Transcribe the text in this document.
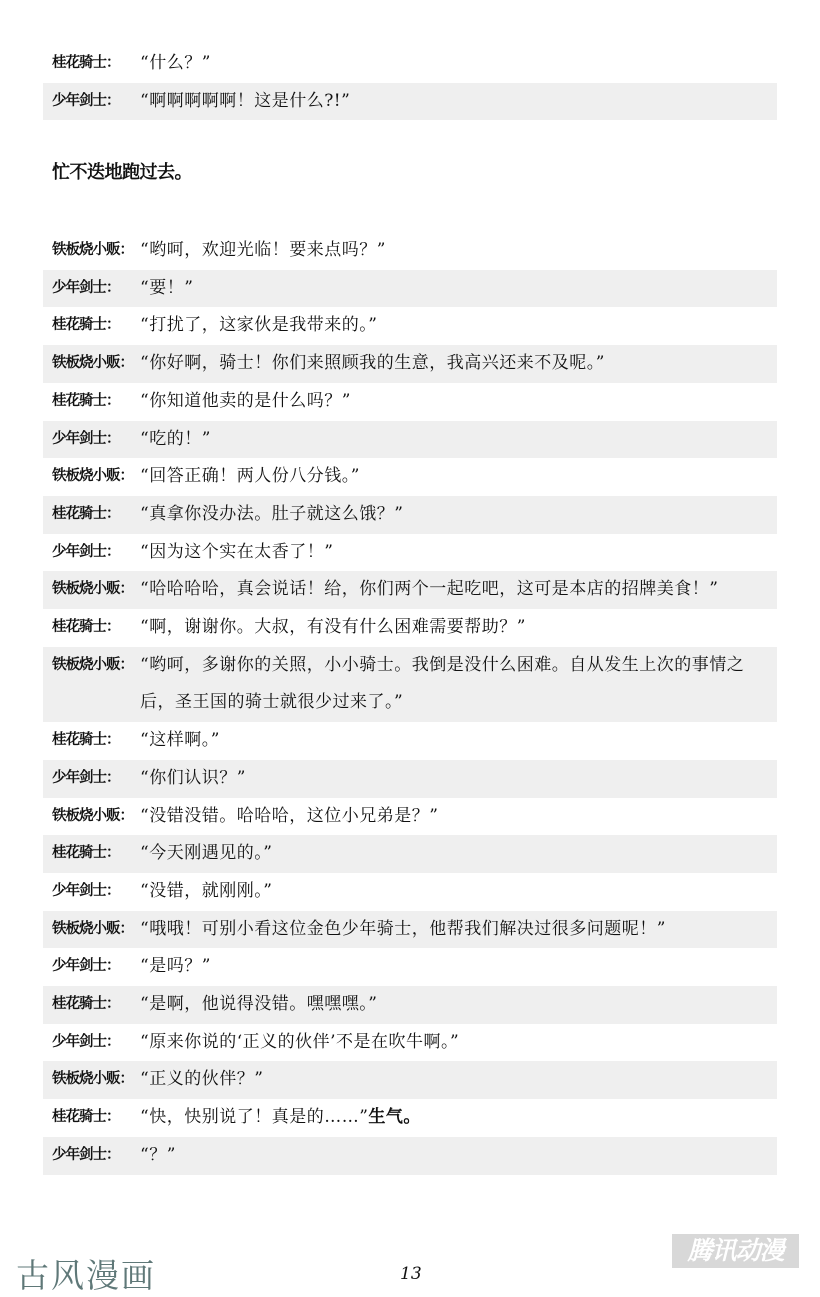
桂花骑士：	“什么？”
少年剑士：	“啊啊啊啊啊！这是什么?!”
忙不迭地跑过去。
铁板烧小贩： “哟呵，欢迎光临！要来点吗？”
少年剑士：	“要！”
桂花骑士：	“打扰了，这家伙是我带来的。”
铁板烧小贩： “你好啊，骑士！你们来照顾我的生意，我高兴还来不及呢。”
桂花骑士：	“你知道他卖的是什么吗？”
少年剑士：	“吃的！”
铁板烧小贩： “回答正确！两人份八分钱。”
桂花骑士：	“真拿你没办法。肚子就这么饿？”
少年剑士：	“因为这个实在太香了！”
铁板烧小贩： “哈哈哈哈，真会说话！给，你们两个一起吃吧，这可是本店的招牌美食！”
桂花骑士：	“啊，谢谢你。大叔，有没有什么困难需要帮助？”
铁板烧小贩： “哟呵，多谢你的关照，小小骑士。我倒是没什么困难。自从发生上次的事情之后，圣王国的骑士就很少过来了。”
桂花骑士：	“这样啊。”
少年剑士：	“你们认识？”
铁板烧小贩： “没错没错。哈哈哈，这位小兄弟是？”
桂花骑士：	“今天刚遇见的。”
少年剑士：	“没错，就刚刚。”
铁板烧小贩： “哦哦！可别小看这位金色少年骑士，他帮我们解决过很多问题呢！”
少年剑士：	“是吗？”
桂花骑士：	“是啊，他说得没错。嘿嘿嘿。”
少年剑士：	“原来你说的‘正义的伙伴’不是在吹牛啊。”
铁板烧小贩： “正义的伙伴？”
桂花骑士：	“快，快别说了！真是的……”生气。
少年剑士：	“？”
古风漫画	13
腾讯动漫
